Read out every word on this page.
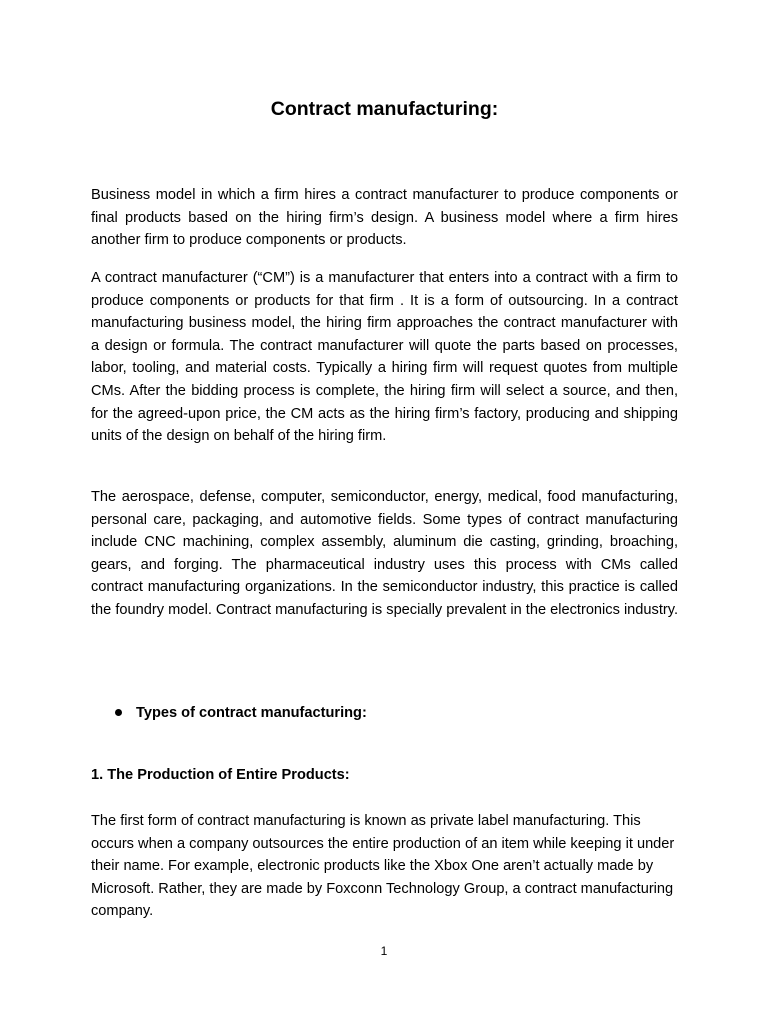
Contract manufacturing:

Business model in which a firm hires a contract manufacturer to produce components or final products based on the hiring firm’s design. A business model where a firm hires another firm to produce components or products.

A contract manufacturer (“CM”) is a manufacturer that enters into a contract with a firm to produce components or products for that firm . It is a form of outsourcing. In a contract manufacturing business model, the hiring firm approaches the contract manufacturer with a design or formula. The contract manufacturer will quote the parts based on processes, labor, tooling, and material costs. Typically a hiring firm will request quotes from multiple CMs. After the bidding process is complete, the hiring firm will select a source, and then, for the agreed-upon price, the CM acts as the hiring firm’s factory, producing and shipping units of the design on behalf of the hiring firm.

The aerospace, defense, computer, semiconductor, energy, medical, food manufacturing, personal care, packaging, and automotive fields. Some types of contract manufacturing include CNC machining, complex assembly, aluminum die casting, grinding, broaching, gears, and forging. The pharmaceutical industry uses this process with CMs called contract manufacturing organizations. In the semiconductor industry, this practice is called the foundry model. Contract manufacturing is specially prevalent in the electronics industry.

Types of contract manufacturing:
1. The Production of Entire Products:

The first form of contract manufacturing is known as private label manufacturing. This occurs when a company outsources the entire production of an item while keeping it under their name. For example, electronic products like the Xbox One aren’t actually made by Microsoft. Rather, they are made by Foxconn Technology Group, a contract manufacturing company.

1
